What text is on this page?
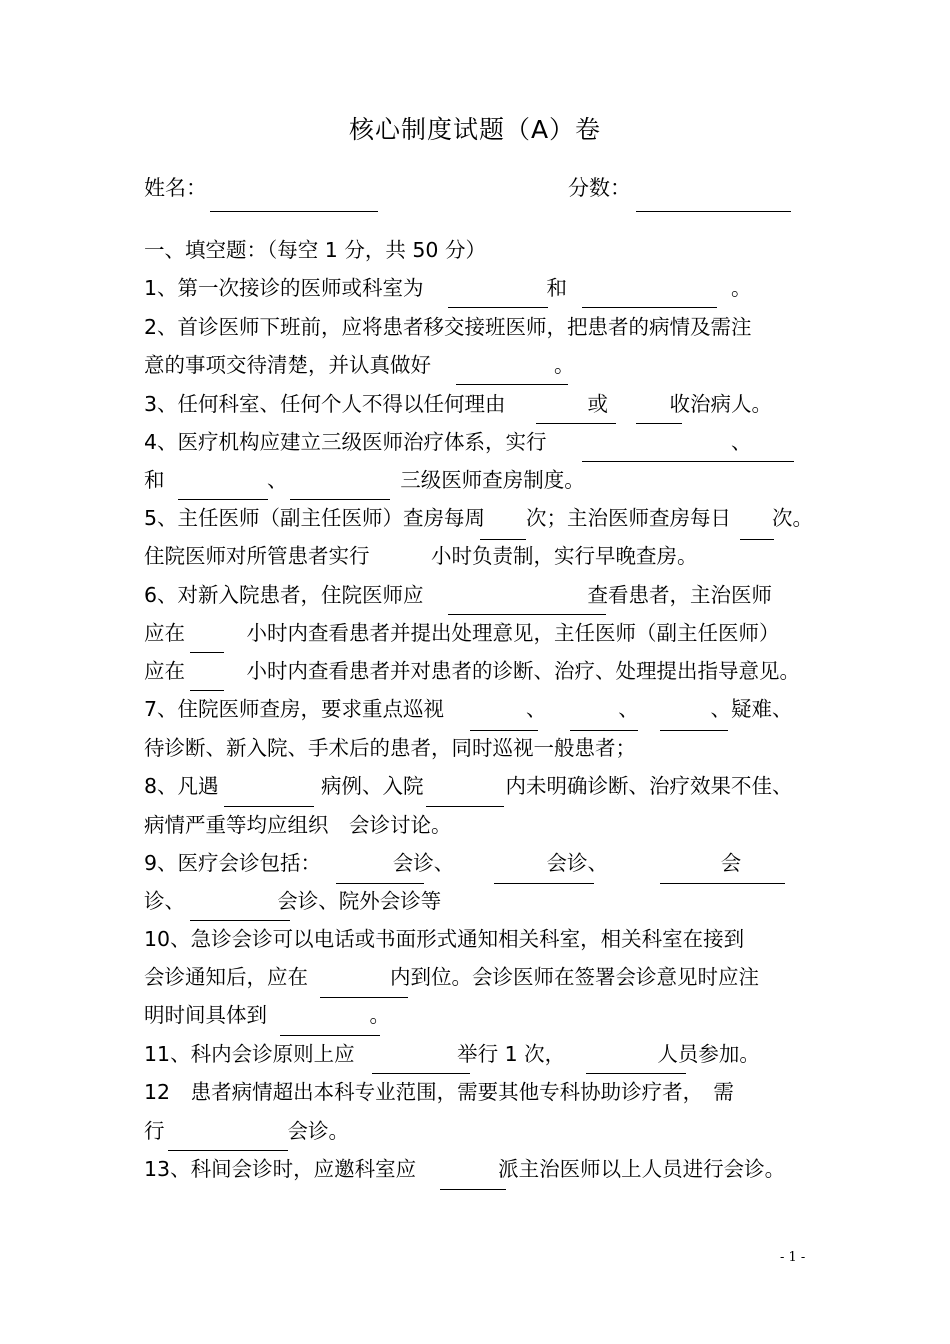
核心制度试题（A）卷
姓名：	分数：
一、填空题：（每空 1 分，共 50 分）
1、第一次接诊的医师或科室为　　　　　　和　　　　　　　　。
2、首诊医师下班前，应将患者移交接班医师，把患者的病情及需注
意的事项交待清楚，并认真做好　　　　　　。
3、任何科室、任何个人不得以任何理由　　　　或　　　收治病人。
4、医疗机构应建立三级医师治疗体系，实行　　　　　　　　　、
和　　　　　、　　　　　　三级医师查房制度。
5、主任医师（副主任医师）查房每周　　次；主治医师查房每日　　次。
住院医师对所管患者实行　　　小时负责制，实行早晚查房。
6、对新入院患者，住院医师应　　　　　　　　查看患者，主治医师
应在　　　小时内查看患者并提出处理意见，主任医师（副主任医师）
应在　　　小时内查看患者并对患者的诊断、治疗、处理提出指导意见。
7、住院医师查房，要求重点巡视　　　　、　　　　、　　　　、疑难、
待诊断、新入院、手术后的患者，同时巡视一般患者；
8、凡遇　　　　　病例、入院　　　　内未明确诊断、治疗效果不佳、
病情严重等均应组织　会诊讨论。
9、医疗会诊包括：　　　　会诊、　　　　　会诊、　　　　　　会
诊、　　　　　会诊、院外会诊等
10、急诊会诊可以电话或书面形式通知相关科室，相关科室在接到
会诊通知后，应在　　　　内到位。会诊医师在签署会诊意见时应注
明时间具体到　　　　　。
11、科内会诊原则上应　　　　　举行 1 次，　　　　　人员参加。
12　患者病情超出本科专业范围，需要其他专科协助诊疗者，　需
行　　　　　　会诊。
13、科间会诊时，应邀科室应　　　　派主治医师以上人员进行会诊。
- 1 -
